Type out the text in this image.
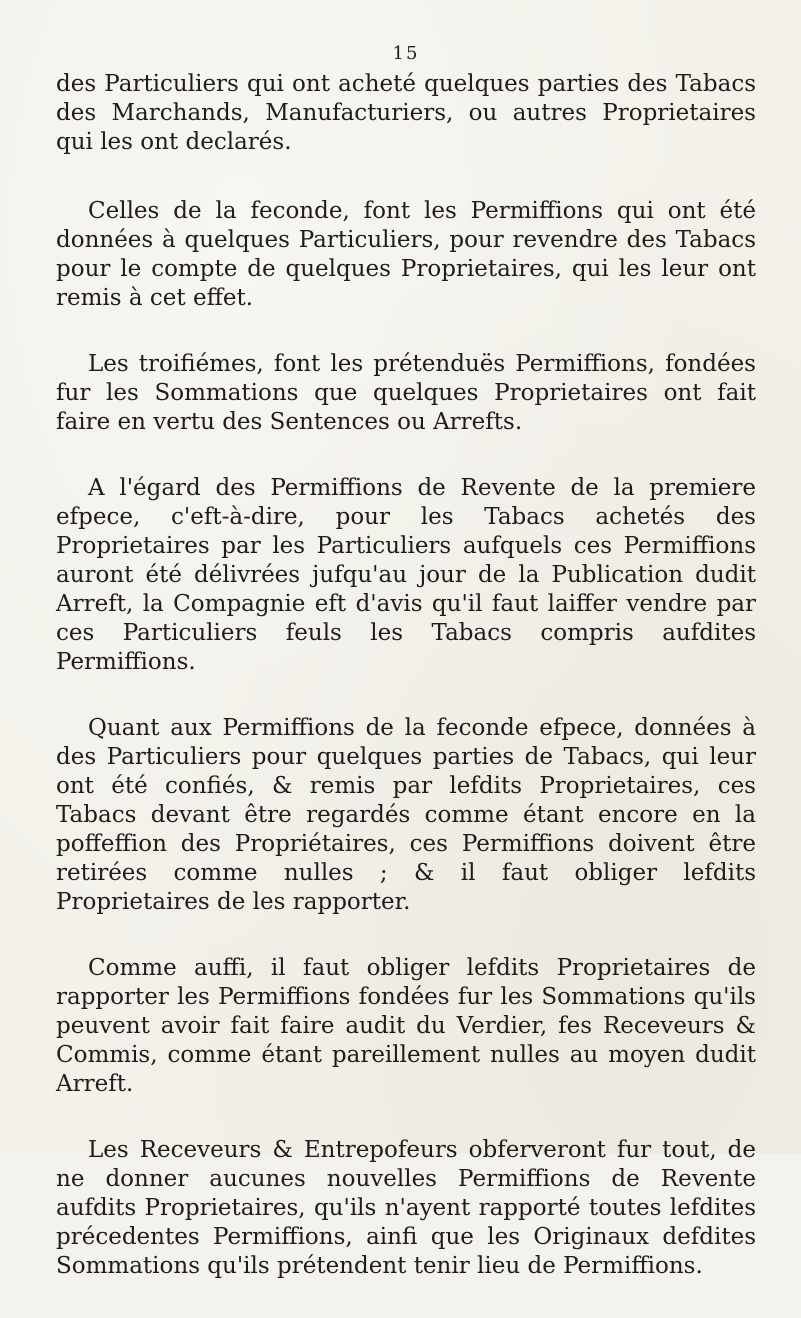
15

des Particuliers qui ont acheté quelques parties des Tabacs des Marchands, Manufacturiers, ou autres Proprietaires qui les ont declarés.

Celles de la feconde, font les Permiffions qui ont été données à quelques Particuliers, pour revendre des Tabacs pour le compte de quelques Proprietaires, qui les leur ont remis à cet effet.

Les troifiémes, font les prétenduës Permiffions, fondées fur les Sommations que quelques Proprietaires ont fait faire en vertu des Sentences ou Arrefts.

A l'égard des Permiffions de Revente de la premiere efpece, c'eft-à-dire, pour les Tabacs achetés des Proprietaires par les Particuliers aufquels ces Permiffions auront été délivrées jufqu'au jour de la Publication dudit Arreft, la Compagnie eft d'avis qu'il faut laiffer vendre par ces Particuliers feuls les Tabacs compris aufdites Permiffions.

Quant aux Permiffions de la feconde efpece, données à des Particuliers pour quelques parties de Tabacs, qui leur ont été confiés, & remis par lefdits Proprietaires, ces Tabacs devant être regardés comme étant encore en la poffeffion des Propriétaires, ces Permiffions doivent être retirées comme nulles ; & il faut obliger lefdits Proprietaires de les rapporter.

Comme auffi, il faut obliger lefdits Proprietaires de rapporter les Permiffions fondées fur les Sommations qu'ils peuvent avoir fait faire audit du Verdier, fes Receveurs & Commis, comme étant pareillement nulles au moyen dudit Arreft.

Les Receveurs & Entrepofeurs obferveront fur tout, de ne donner aucunes nouvelles Permiffions de Revente aufdits Proprietaires, qu'ils n'ayent rapporté toutes lefdites précedentes Permiffions, ainfi que les Originaux defdites Sommations qu'ils prétendent tenir lieu de Permiffions.
